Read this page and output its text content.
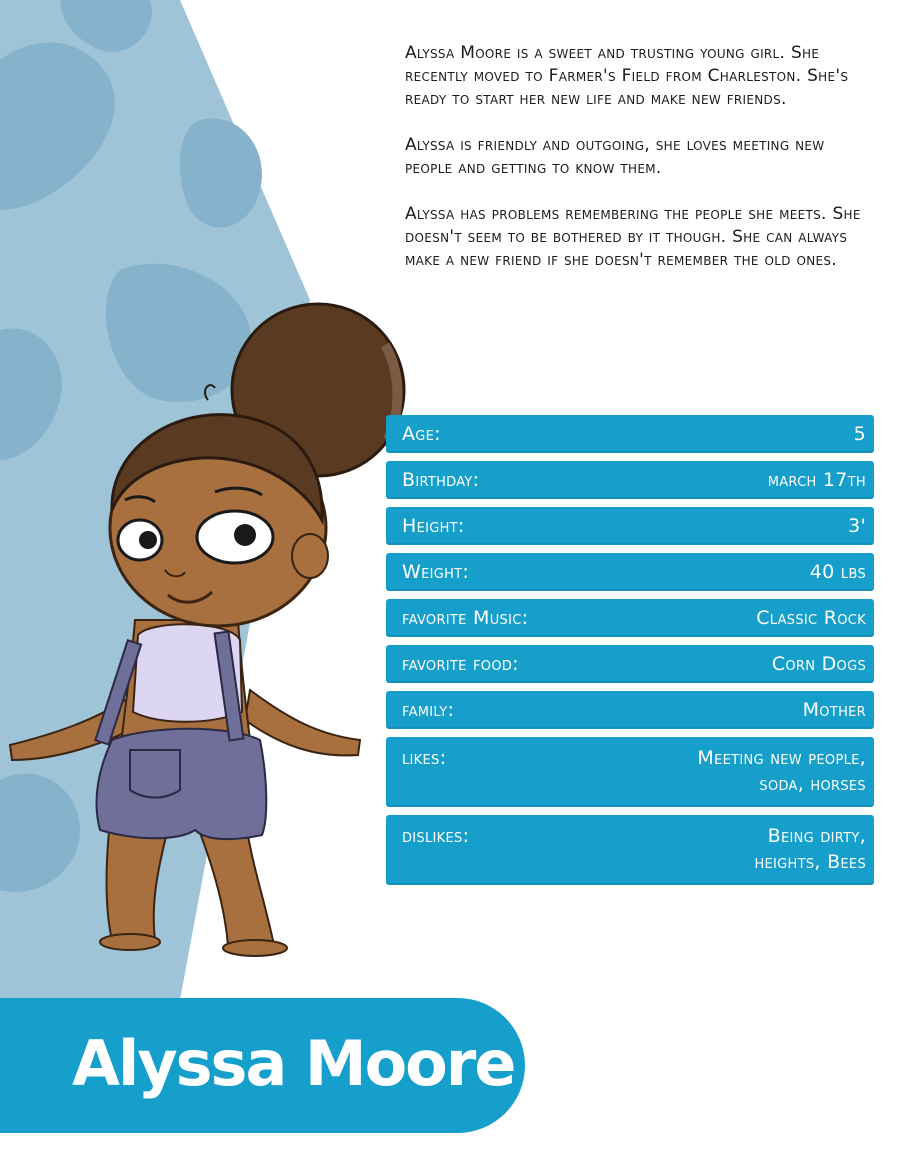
Alyssa Moore is a sweet and trusting young girl. She recently moved to Farmer's Field from Charleston. She's ready to start her new life and make new friends.

Alyssa is friendly and outgoing, she loves meeting new people and getting to know them.

Alyssa has problems remembering the people she meets. She doesn't seem to be bothered by it though. She can always make a new friend if she doesn't remember the old ones.

Age:	5
Birthday:	march 17th
Height:	3'
Weight:	40 lbs
favorite Music:	Classic Rock
favorite food:	Corn Dogs
family:	Mother
likes:	Meeting new people,
soda, horses
dislikes:	Being dirty,
heights, Bees
Alyssa Moore
